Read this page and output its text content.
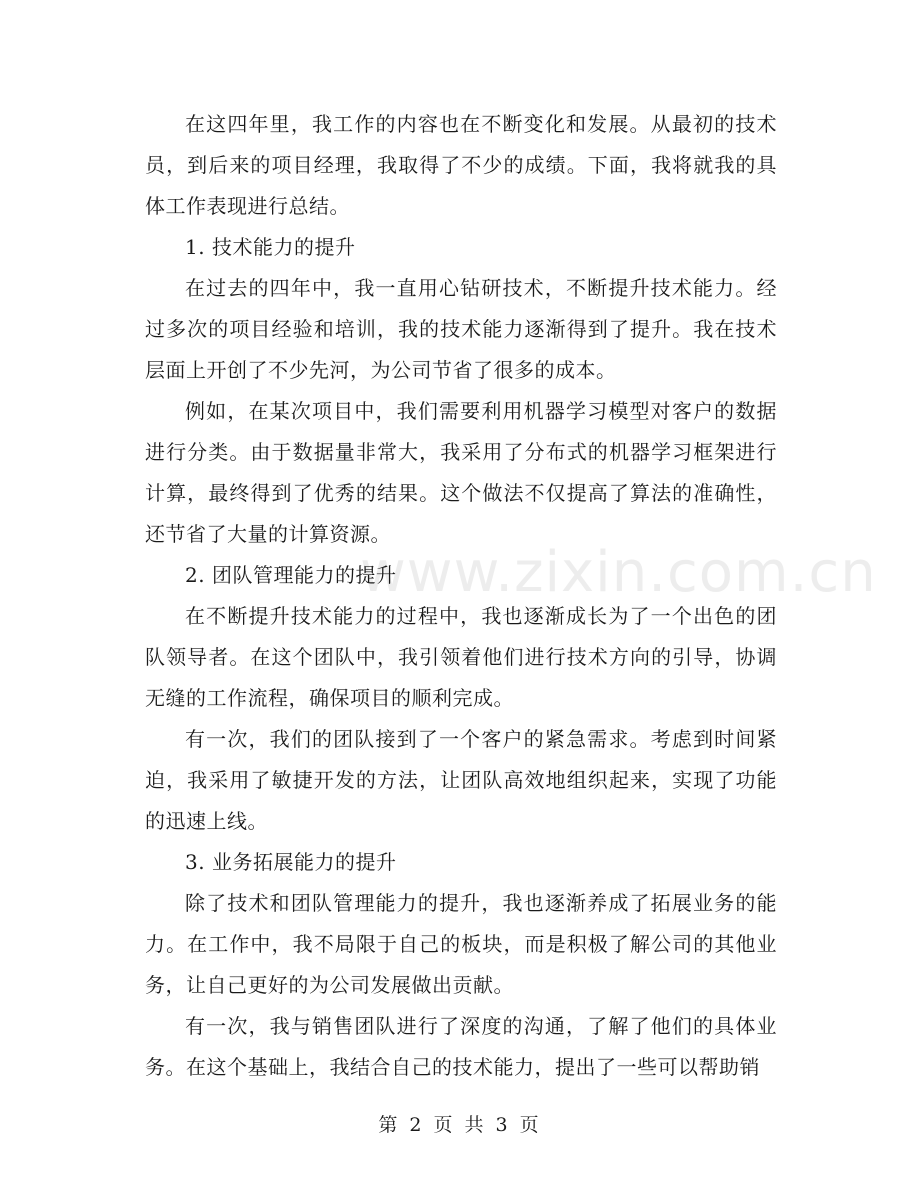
www.zixin.com.cn

在这四年里，我工作的内容也在不断变化和发展。从最初的技术员，到后来的项目经理，我取得了不少的成绩。下面，我将就我的具体工作表现进行总结。

1. 技术能力的提升

在过去的四年中，我一直用心钻研技术，不断提升技术能力。经过多次的项目经验和培训，我的技术能力逐渐得到了提升。我在技术层面上开创了不少先河，为公司节省了很多的成本。

例如，在某次项目中，我们需要利用机器学习模型对客户的数据进行分类。由于数据量非常大，我采用了分布式的机器学习框架进行计算，最终得到了优秀的结果。这个做法不仅提高了算法的准确性，还节省了大量的计算资源。

2. 团队管理能力的提升

在不断提升技术能力的过程中，我也逐渐成长为了一个出色的团队领导者。在这个团队中，我引领着他们进行技术方向的引导，协调无缝的工作流程，确保项目的顺利完成。

有一次，我们的团队接到了一个客户的紧急需求。考虑到时间紧迫，我采用了敏捷开发的方法，让团队高效地组织起来，实现了功能的迅速上线。

3. 业务拓展能力的提升

除了技术和团队管理能力的提升，我也逐渐养成了拓展业务的能力。在工作中，我不局限于自己的板块，而是积极了解公司的其他业务，让自己更好的为公司发展做出贡献。

有一次，我与销售团队进行了深度的沟通，了解了他们的具体业务。在这个基础上，我结合自己的技术能力，提出了一些可以帮助销

第 2 页 共 3 页
